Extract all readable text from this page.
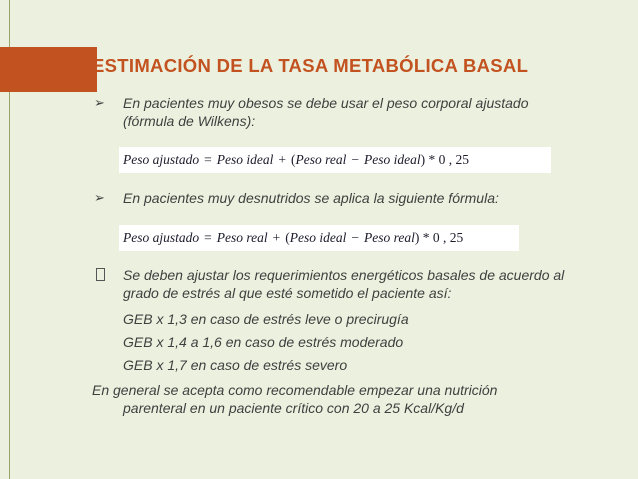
ESTIMACIÓN DE LA TASA METABÓLICA BASAL
➢ En pacientes muy obesos se debe usar el peso corporal ajustado
(fórmula de Wilkens):
Peso ajustado = Peso ideal + (Peso real − Peso ideal) * 0 , 25
➢ En pacientes muy desnutridos se aplica la siguiente fórmula:
Peso ajustado = Peso real + (Peso ideal − Peso real) * 0 , 25
Se deben ajustar los requerimientos energéticos basales de acuerdo al
grado de estrés al que esté sometido el paciente así:
GEB x 1,3 en caso de estrés leve o precirugía
GEB x 1,4 a 1,6 en caso de estrés moderado
GEB x 1,7 en caso de estrés severo
En general se acepta como recomendable empezar una nutrición
parenteral en un paciente crítico con 20 a 25 Kcal/Kg/d
